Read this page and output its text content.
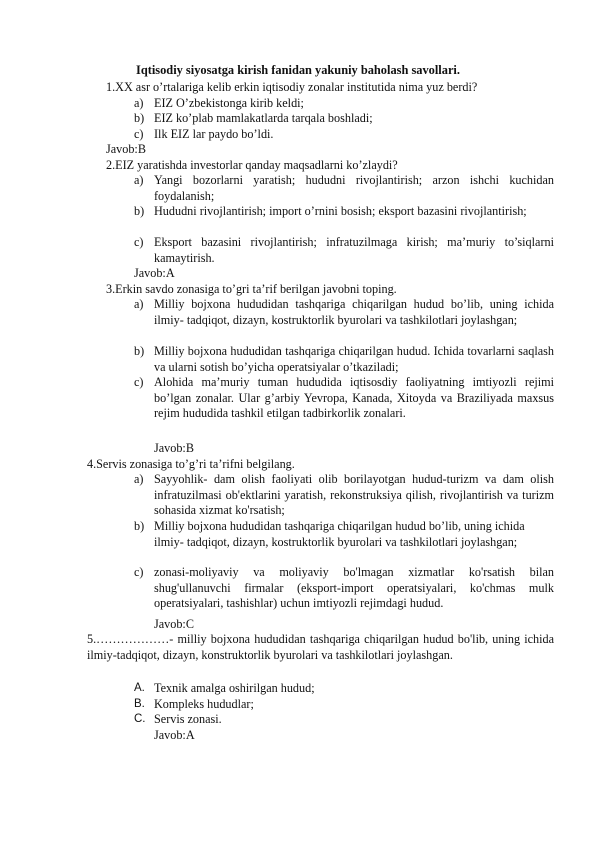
Iqtisodiy siyosatga kirish fanidan yakuniy baholash savollari.
1.XX asr o’rtalariga kelib erkin iqtisodiy zonalar institutida nima yuz berdi?
a) EIZ O’zbekistonga kirib keldi;
b) EIZ ko’plab mamlakatlarda tarqala boshladi;
c) Ilk EIZ lar paydo bo’ldi.
Javob:B
2.EIZ yaratishda investorlar qanday maqsadlarni ko’zlaydi?
a) Yangi bozorlarni yaratish; hududni rivojlantirish; arzon ishchi kuchidan foydalanish;
b) Hududni rivojlantirish; import o’rnini bosish; eksport bazasini rivojlantirish;
c) Eksport bazasini rivojlantirish; infratuzilmaga kirish; ma’muriy to’siqlarni kamaytirish.
Javob:A
3.Erkin savdo zonasiga to’gri ta’rif berilgan javobni toping.
a) Milliy bojxona hududidan tashqariga chiqarilgan hudud bo’lib, uning ichida ilmiy- tadqiqot, dizayn, kostruktorlik byurolari va tashkilotlari joylashgan;
b) Milliy bojxona hududidan tashqariga chiqarilgan hudud. Ichida tovarlarni saqlash va ularni sotish bo’yicha operatsiyalar o’tkaziladi;
c) Alohida ma’muriy tuman hududida iqtisosdiy faoliyatning imtiyozli rejimi bo’lgan zonalar. Ular g’arbiy Yevropa, Kanada, Xitoyda va Braziliyada maxsus rejim hududida tashkil etilgan tadbirkorlik zonalari.
Javob:B
4.Servis zonasiga to’g’ri ta’rifni belgilang.
a) Sayyohlik- dam olish faoliyati olib borilayotgan hudud-turizm va dam olish infratuzilmasi ob'ektlarini yaratish, rekonstruksiya qilish, rivojlantirish va turizm sohasida xizmat ko'rsatish;
b) Milliy bojxona hududidan tashqariga chiqarilgan hudud bo’lib, uning ichida ilmiy- tadqiqot, dizayn, kostruktorlik byurolari va tashkilotlari joylashgan;
c) zonasi-moliyaviy va moliyaviy bo'lmagan xizmatlar ko'rsatish bilan shug'ullanuvchi firmalar (eksport-import operatsiyalari, ko'chmas mulk operatsiyalari, tashishlar) uchun imtiyozli rejimdagi hudud.
Javob:C
5.………………- milliy bojxona hududidan tashqariga chiqarilgan hudud bo'lib, uning ichida ilmiy-tadqiqot, dizayn, konstruktorlik byurolari va tashkilotlari joylashgan.
A. Texnik amalga oshirilgan hudud;
B. Kompleks hududlar;
C. Servis zonasi.
Javob:A
